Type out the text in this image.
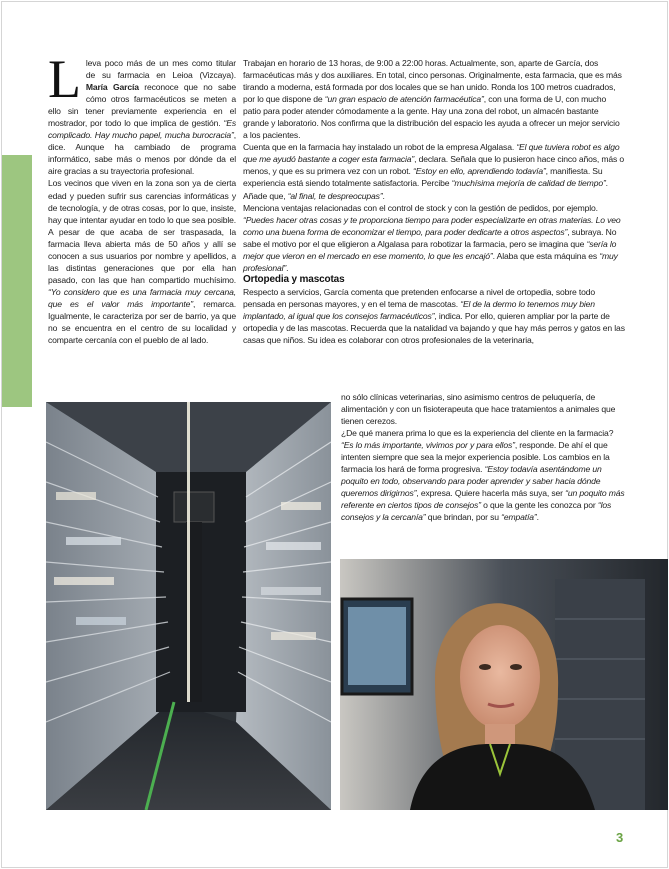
Lleva poco más de un mes como titular de su farmacia en Leioa (Vizcaya). María García reconoce que no sabe cómo otros farmacéuticos se meten a ello sin tener previamente experiencia en el mostrador, por todo lo que implica de gestión. “Es complicado. Hay mucho papel, mucha burocracia”, dice. Aunque ha cambiado de programa informático, sabe más o menos por dónde da el aire gracias a su trayectoria profesional.

Los vecinos que viven en la zona son ya de cierta edad y pueden sufrir sus carencias informáticas y de tecnología, y de otras cosas, por lo que, insiste, hay que intentar ayudar en todo lo que sea posible. A pesar de que acaba de ser traspasada, la farmacia lleva abierta más de 50 años y allí se conocen a sus usuarios por nombre y apellidos, a las distintas generaciones que por ella han pasado, con las que han compartido muchísimo. “Yo considero que es una farmacia muy cercana, que es el valor más importante”, remarca. Igualmente, le caracteriza por ser de barrio, ya que no se encuentra en el centro de su localidad y comparte cercanía con el pueblo de al lado.

Trabajan en horario de 13 horas, de 9:00 a 22:00 horas. Actualmente, son, aparte de García, dos farmacéuticas más y dos auxiliares. En total, cinco personas. Originalmente, esta farmacia, que es más tirando a moderna, está formada por dos locales que se han unido. Ronda los 100 metros cuadrados, por lo que dispone de “un gran espacio de atención farmacéutica”, con una forma de U, con mucho patio para poder atender cómodamente a la gente. Hay una zona del robot, un almacén bastante grande y laboratorio. Nos confirma que la distribución del espacio les ayuda a ofrecer un mejor servicio a los pacientes.

Cuenta que en la farmacia hay instalado un robot de la empresa Algalasa. “El que tuviera robot es algo que me ayudó bastante a coger esta farmacia”, declara. Señala que lo pusieron hace cinco años, más o menos, y que es su primera vez con un robot. “Estoy en ello, aprendiendo todavía”, manifiesta. Su experiencia está siendo totalmente satisfactoria. Percibe “muchísima mejoría de calidad de tiempo”. Añade que, “al final, te despreocupas”.

Menciona ventajas relacionadas con el control de stock y con la gestión de pedidos, por ejemplo. “Puedes hacer otras cosas y te proporciona tiempo para poder especializarte en otras materias. Lo veo como una buena forma de economizar el tiempo, para poder dedicarte a otros aspectos”, subraya. No sabe el motivo por el que eligieron a Algalasa para robotizar la farmacia, pero se imagina que “sería lo mejor que vieron en el mercado en ese momento, lo que les encajó”. Alaba que esta máquina es “muy profesional”.

Ortopedia y mascotas

Respecto a servicios, García comenta que pretenden enfocarse a nivel de ortopedia, sobre todo pensada en personas mayores, y en el tema de mascotas. “El de la dermo lo tenemos muy bien implantado, al igual que los consejos farmacéuticos”, indica. Por ello, quieren ampliar por la parte de ortopedia y de las mascotas. Recuerda que la natalidad va bajando y que hay más perros y gatos en las casas que niños. Su idea es colaborar con otros profesionales de la veterinaria,

no sólo clínicas veterinarias, sino asimismo centros de peluquería, de alimentación y con un fisioterapeuta que hace tratamientos a animales que tienen cerezos.

¿De qué manera prima lo que es la experiencia del cliente en la farmacia? “Es lo más importante, vivimos por y para ellos”, responde. De ahí el que intenten siempre que sea la mejor experiencia posible. Los cambios en la farmacia los hará de forma progresiva. “Estoy todavía asentándome un poquito en todo, observando para poder aprender y saber hacia dónde queremos dirigirnos”, expresa. Quiere hacerla más suya, ser “un poquito más referente en ciertos tipos de consejos” o que la gente les conozca por “los consejos y la cercanía” que brindan, por su “empatía”.

3
